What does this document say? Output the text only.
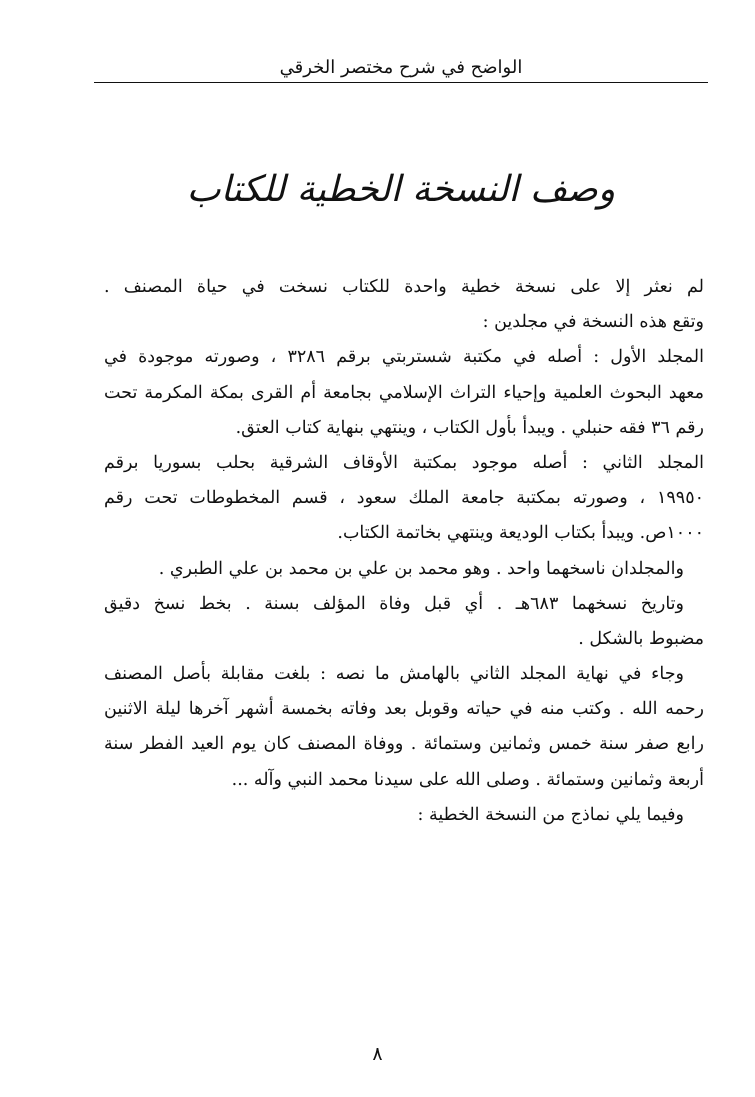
الواضح في شرح مختصر الخرقي
وصف النسخة الخطية للكتاب
لم نعثر إلا على نسخة خطية واحدة للكتاب نسخت في حياة المصنف .
وتقع هذه النسخة في مجلدين :
المجلد الأول : أصله في مكتبة شستربتي برقم ٣٢٨٦ ، وصورته موجودة في
معهد البحوث العلمية وإحياء التراث الإسلامي بجامعة أم القرى بمكة المكرمة تحت
رقم ٣٦ فقه حنبلي . ويبدأ بأول الكتاب ، وينتهي بنهاية كتاب العتق.
المجلد الثاني : أصله موجود بمكتبة الأوقاف الشرقية بحلب بسوريا برقم
١٩٩٥٠ ، وصورته بمكتبة جامعة الملك سعود ، قسم المخطوطات تحت رقم
١٠٠٠ص. ويبدأ بكتاب الوديعة وينتهي بخاتمة الكتاب.
والمجلدان ناسخهما واحد . وهو محمد بن علي بن محمد بن علي الطبري .
وتاريخ نسخهما ٦٨٣هـ . أي قبل وفاة المؤلف بسنة . بخط نسخ دقيق
مضبوط بالشكل .
وجاء في نهاية المجلد الثاني بالهامش ما نصه : بلغت مقابلة بأصل المصنف
رحمه الله . وكتب منه في حياته وقوبل بعد وفاته بخمسة أشهر آخرها ليلة الاثنين
رابع صفر سنة خمس وثمانين وستمائة . ووفاة المصنف كان يوم العيد الفطر سنة
أربعة وثمانين وستمائة . وصلى الله على سيدنا محمد النبي وآله ...
وفيما يلي نماذج من النسخة الخطية :
٨
